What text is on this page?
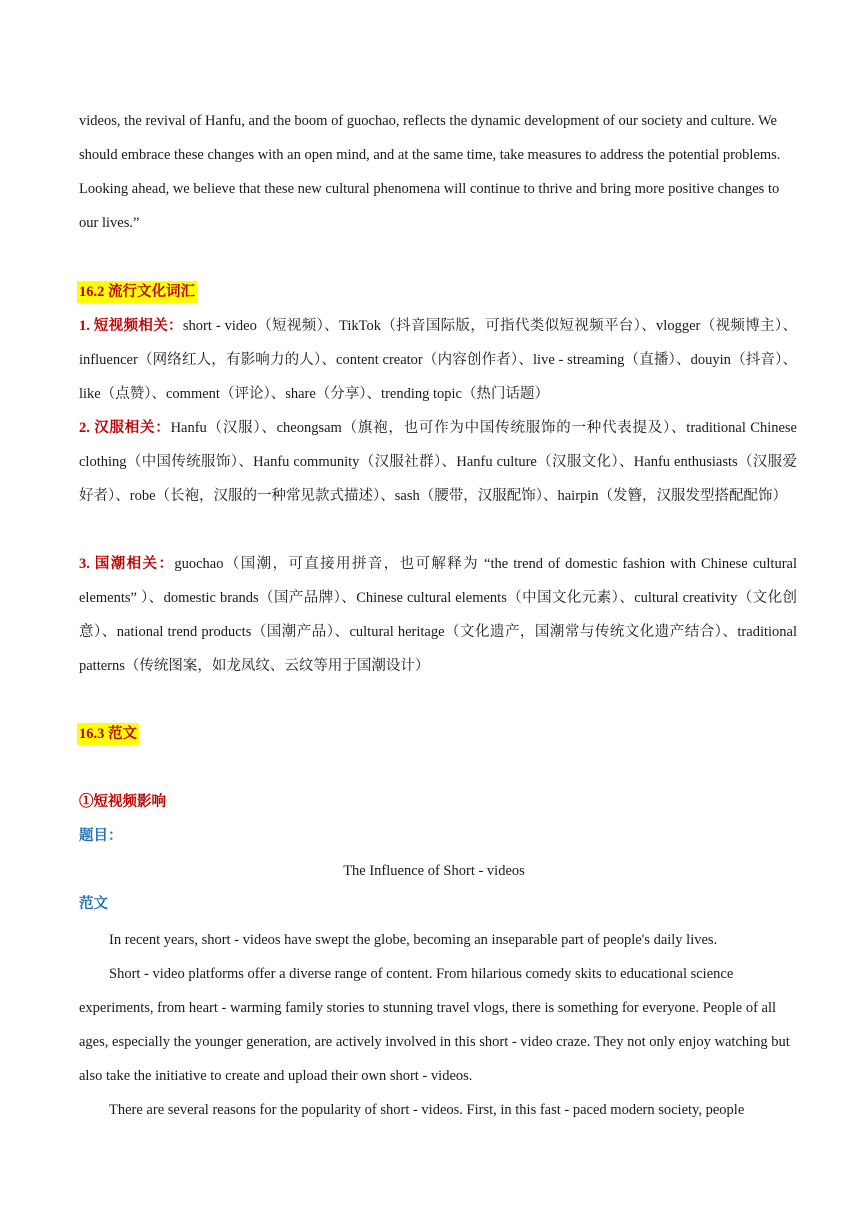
videos, the revival of Hanfu, and the boom of guochao, reflects the dynamic development of our society and culture. We should embrace these changes with an open mind, and at the same time, take measures to address the potential problems. Looking ahead, we believe that these new cultural phenomena will continue to thrive and bring more positive changes to our lives.”

16.2 流行文化词汇

1. 短视频相关：short - video（短视频）、TikTok（抖音国际版，可指代类似短视频平台）、vlogger（视频博主）、influencer（网络红人，有影响力的人）、content creator（内容创作者）、live - streaming（直播）、douyin（抖音）、like（点赞）、comment（评论）、share（分享）、trending topic（热门话题）

2. 汉服相关：Hanfu（汉服）、cheongsam（旗袍，也可作为中国传统服饰的一种代表提及）、traditional Chinese clothing（中国传统服饰）、Hanfu community（汉服社群）、Hanfu culture（汉服文化）、Hanfu enthusiasts（汉服爱好者）、robe（长袍，汉服的一种常见款式描述）、sash（腰带，汉服配饰）、hairpin（发簪，汉服发型搭配配饰）

3. 国潮相关：guochao（国潮，可直接用拼音，也可解释为 “the trend of domestic fashion with Chinese cultural elements” ）、domestic brands（国产品牌）、Chinese cultural elements（中国文化元素）、cultural creativity（文化创意）、national trend products（国潮产品）、cultural heritage（文化遗产，国潮常与传统文化遗产结合）、traditional patterns（传统图案，如龙凤纹、云纹等用于国潮设计）

16.3 范文
①短视频影响
题目：
The Influence of Short - videos
范文

In recent years, short - videos have swept the globe, becoming an inseparable part of people's daily lives.

Short - video platforms offer a diverse range of content. From hilarious comedy skits to educational science experiments, from heart - warming family stories to stunning travel vlogs, there is something for everyone. People of all ages, especially the younger generation, are actively involved in this short - video craze. They not only enjoy watching but also take the initiative to create and upload their own short - videos.

There are several reasons for the popularity of short - videos. First, in this fast - paced modern society, people
